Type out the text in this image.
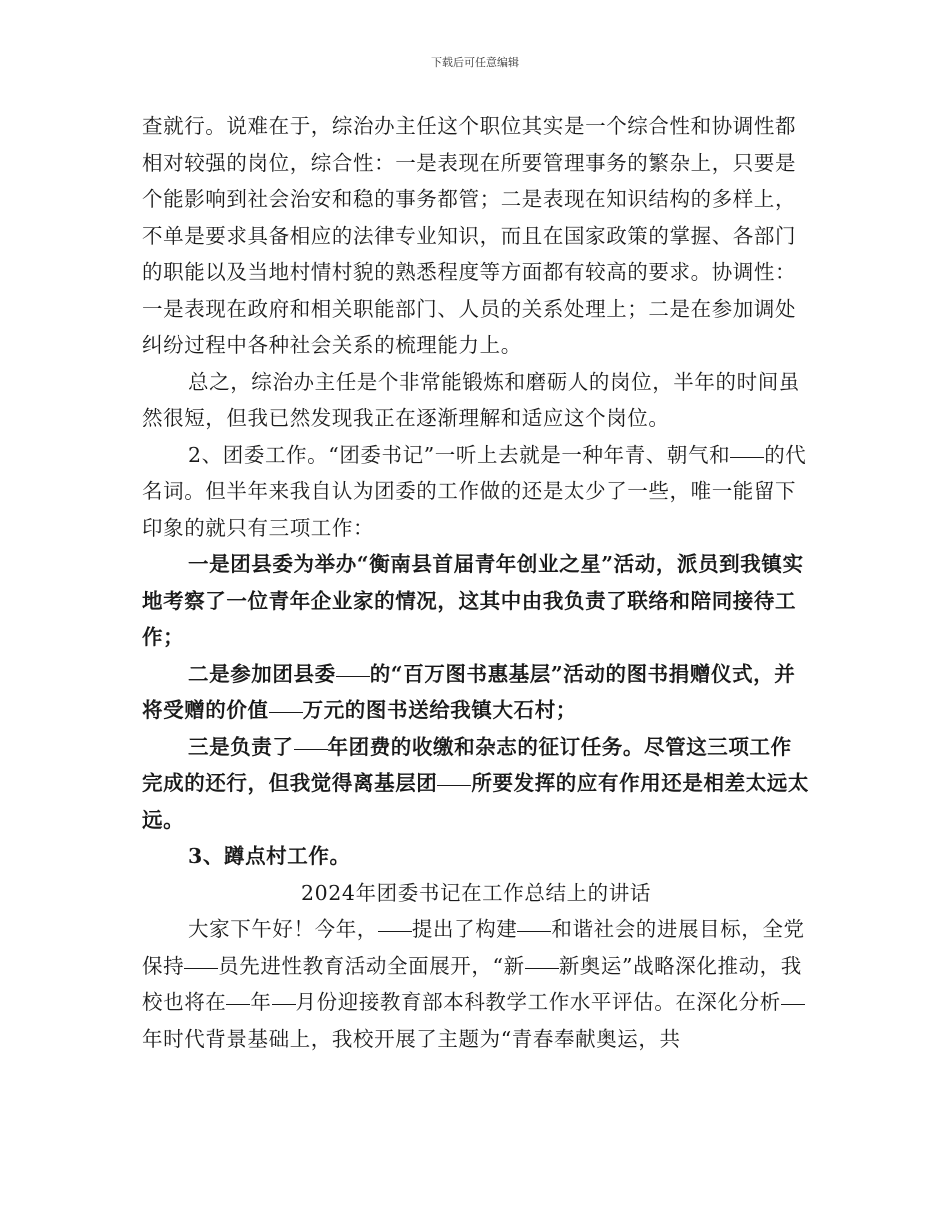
下载后可任意编辑

查就行。说难在于，综治办主任这个职位其实是一个综合性和协调性都相对较强的岗位，综合性：一是表现在所要管理事务的繁杂上，只要是个能影响到社会治安和稳的事务都管；二是表现在知识结构的多样上，不单是要求具备相应的法律专业知识，而且在国家政策的掌握、各部门的职能以及当地村情村貌的熟悉程度等方面都有较高的要求。协调性：一是表现在政府和相关职能部门、人员的关系处理上；二是在参加调处纠纷过程中各种社会关系的梳理能力上。

总之，综治办主任是个非常能锻炼和磨砺人的岗位，半年的时间虽然很短，但我已然发现我正在逐渐理解和适应这个岗位。

2、团委工作。“团委书记”一听上去就是一种年青、朝气和 的代名词。但半年来我自认为团委的工作做的还是太少了一些，唯一能留下印象的就只有三项工作：

一是团县委为举办“衡南县首届青年创业之星”活动，派员到我镇实地考察了一位青年企业家的情况，这其中由我负责了联络和陪同接待工作；

二是参加团县委 的“百万图书惠基层”活动的图书捐赠仪式，并将受赠的价值 万元的图书送给我镇大石村；

三是负责了 年团费的收缴和杂志的征订任务。尽管这三项工作完成的还行，但我觉得离基层团 所要发挥的应有作用还是相差太远太远。

3、蹲点村工作。

2024年团委书记在工作总结上的讲话

大家下午好！今年， 提出了构建 和谐社会的进展目标，全党保持 员先进性教育活动全面展开，“新 新奥运”战略深化推动，我校也将在 年 月份迎接教育部本科教学工作水平评估。在深化分析年时代背景基础上，我校开展了主题为“青春奉献奥运，共
